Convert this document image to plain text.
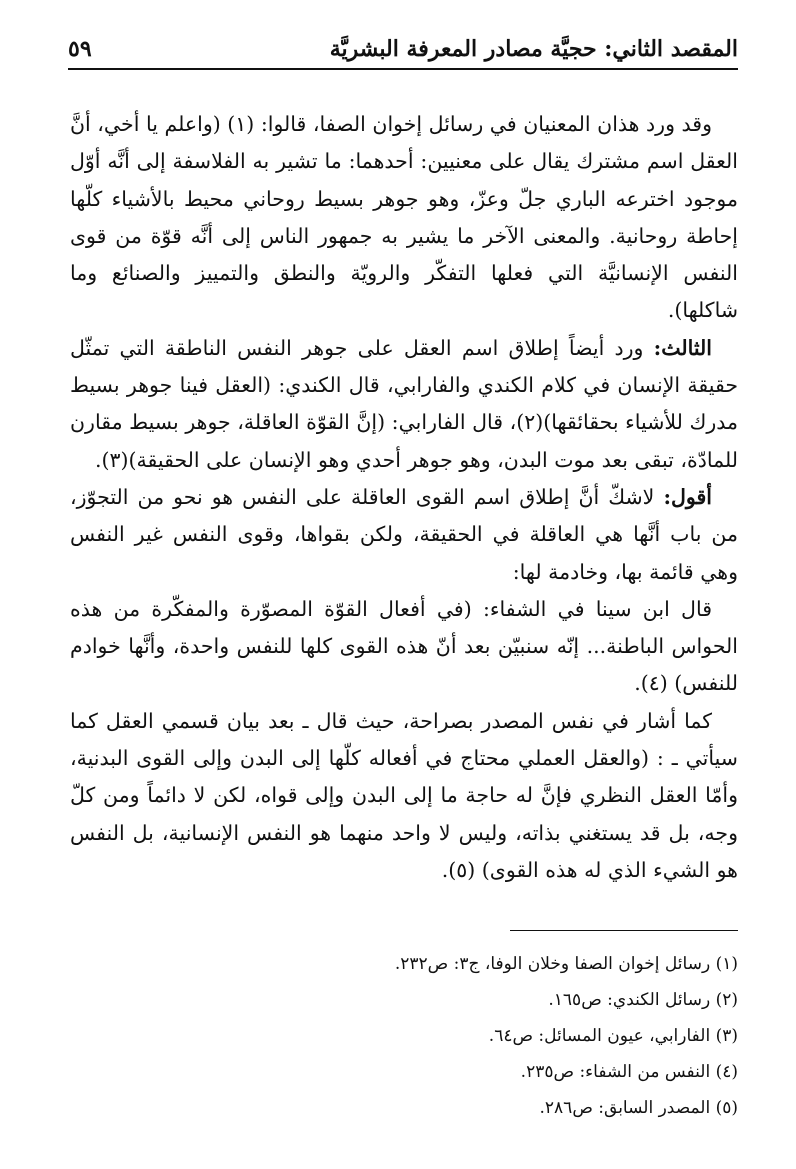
المقصد الثاني: حجيَّة مصادر المعرفة البشريَّة
٥٩

وقد ورد هذان المعنيان في رسائل إخوان الصفا، قالوا: (١) (واعلم يا أخي، أنَّ العقل اسم مشترك يقال على معنيين: أحدهما: ما تشير به الفلاسفة إلى أنَّه أوّل موجود اخترعه الباري جلّ وعزّ، وهو جوهر بسيط روحاني محيط بالأشياء كلّها إحاطة روحانية. والمعنى الآخر ما يشير به جمهور الناس إلى أنَّه قوّة من قوى النفس الإنسانيَّة التي فعلها التفكّر والرويّة والنطق والتمييز والصنائع وما شاكلها).

الثالث: ورد أيضاً إطلاق اسم العقل على جوهر النفس الناطقة التي تمثّل حقيقة الإنسان في كلام الكندي والفارابي، قال الكندي: (العقل فينا جوهر بسيط مدرك للأشياء بحقائقها)(٢)، قال الفارابي: (إنَّ القوّة العاقلة، جوهر بسيط مقارن للمادّة، تبقى بعد موت البدن، وهو جوهر أحدي وهو الإنسان على الحقيقة)(٣).

أقول: لاشكّ أنَّ إطلاق اسم القوى العاقلة على النفس هو نحو من التجوّز، من باب أنَّها هي العاقلة في الحقيقة، ولكن بقواها، وقوى النفس غير النفس وهي قائمة بها، وخادمة لها:

قال ابن سينا في الشفاء: (في أفعال القوّة المصوّرة والمفكّرة من هذه الحواس الباطنة... إنّه سنبيّن بعد أنّ هذه القوى كلها للنفس واحدة، وأنَّها خوادم للنفس) (٤).

كما أشار في نفس المصدر بصراحة، حيث قال ـ بعد بيان قسمي العقل كما سيأتي ـ : (والعقل العملي محتاج في أفعاله كلّها إلى البدن وإلى القوى البدنية، وأمّا العقل النظري فإنَّ له حاجة ما إلى البدن وإلى قواه، لكن لا دائماً ومن كلّ وجه، بل قد يستغني بذاته، وليس لا واحد منهما هو النفس الإنسانية، بل النفس هو الشيء الذي له هذه القوى) (٥).

(١) رسائل إخوان الصفا وخلان الوفا، ج٣: ص٢٣٢.
(٢) رسائل الكندي: ص١٦٥.
(٣) الفارابي، عيون المسائل: ص٦٤.
(٤) النفس من الشفاء: ص٢٣٥.
(٥) المصدر السابق: ص٢٨٦.
